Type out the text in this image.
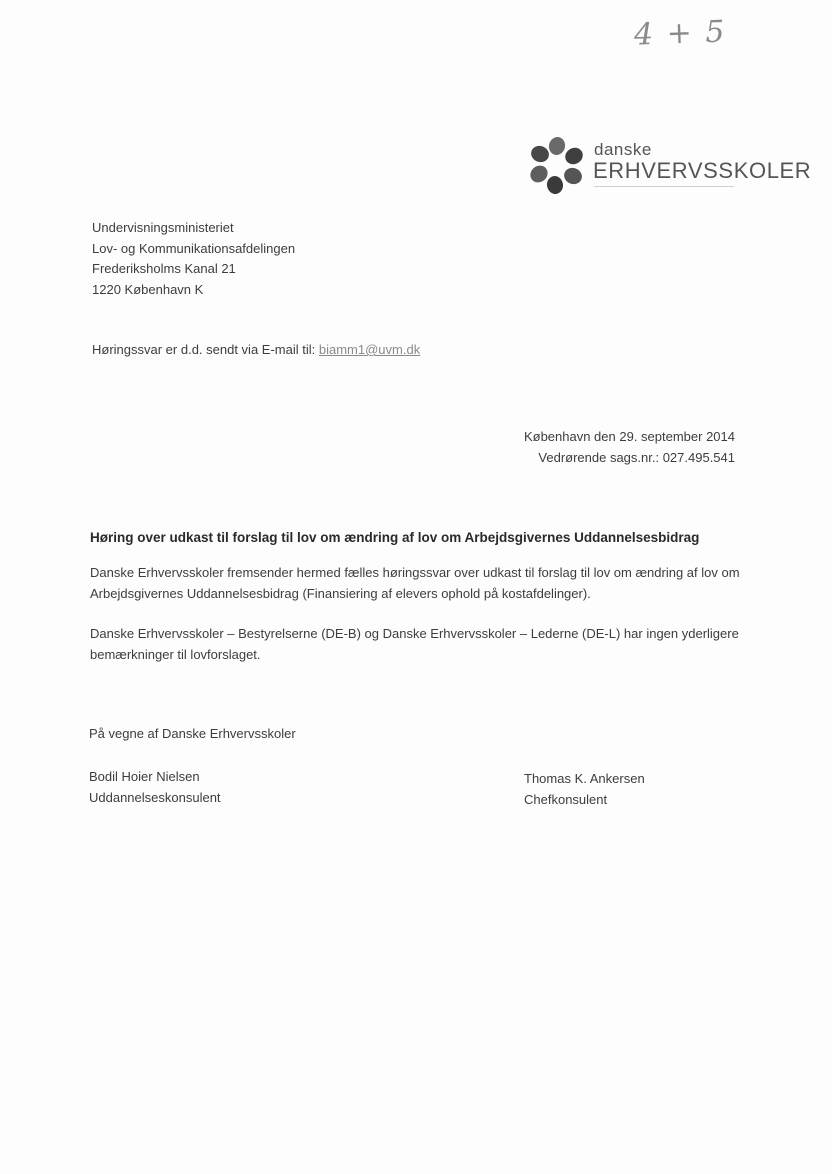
4 + 5
danske
ERHVERVSSKOLER
Undervisningsministeriet
Lov- og Kommunikationsafdelingen
Frederiksholms Kanal 21
1220 København K
Høringssvar er d.d. sendt via E-mail til: biamm1@uvm.dk
København den 29. september 2014
Vedrørende sags.nr.: 027.495.541
Høring over udkast til forslag til lov om ændring af lov om Arbejdsgivernes Uddannelsesbidrag
Danske Erhvervsskoler fremsender hermed fælles høringssvar over udkast til forslag til lov om ændring af lov om Arbejdsgivernes Uddannelsesbidrag (Finansiering af elevers ophold på kostafdelinger).
Danske Erhvervsskoler – Bestyrelserne (DE-B) og Danske Erhvervsskoler – Lederne (DE-L) har ingen yderligere bemærkninger til lovforslaget.
På vegne af Danske Erhvervsskoler
Bodil Hoier Nielsen
Uddannelseskonsulent
Thomas K. Ankersen
Chefkonsulent
